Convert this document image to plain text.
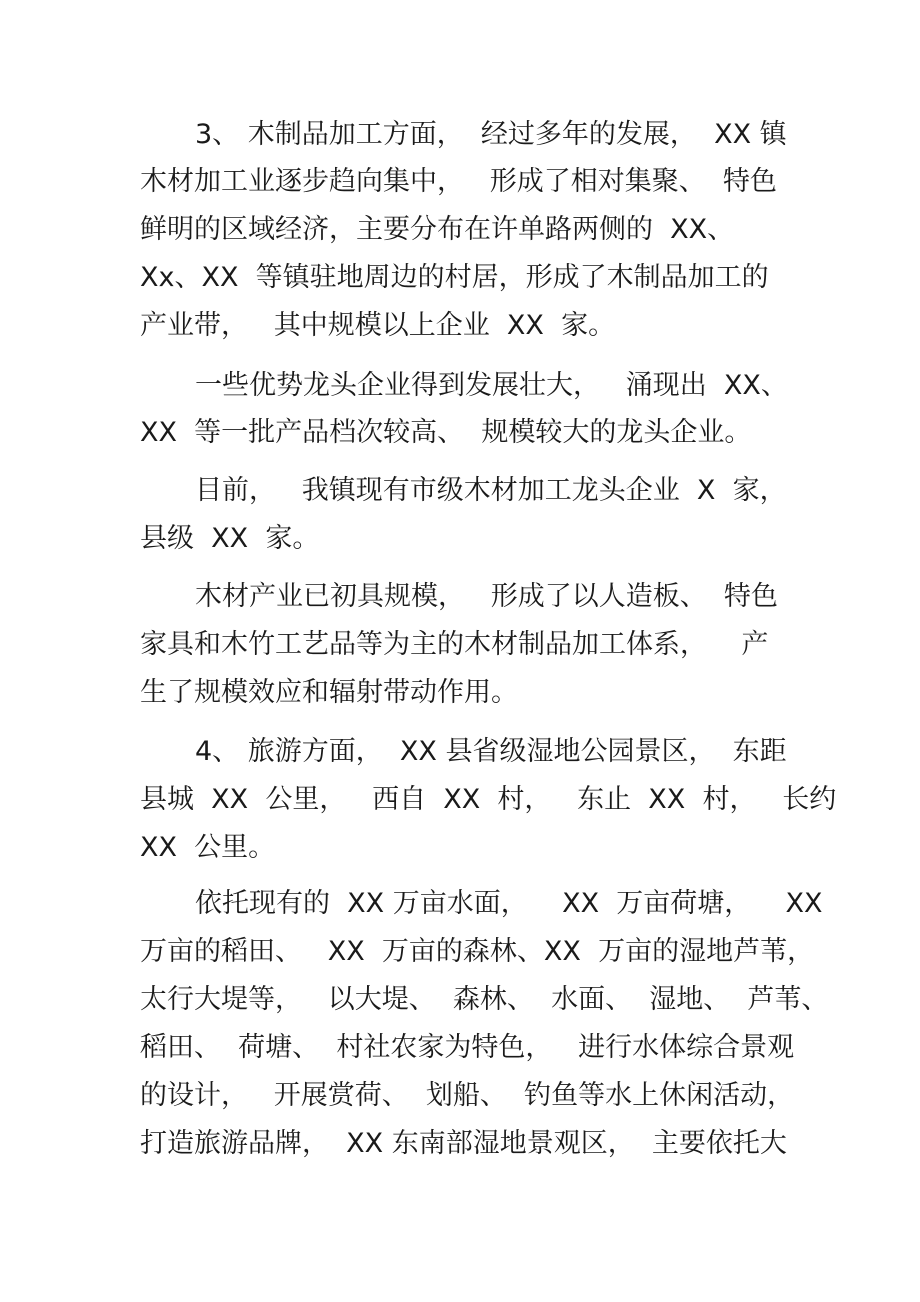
3、 木制品加工方面，  经过多年的发展，  XX 镇

木材加工业逐步趋向集中，   形成了相对集聚、  特色

鲜明的区域经济，主要分布在许单路两侧的  XX、

Xx、XX  等镇驻地周边的村居，形成了木制品加工的

产业带，   其中规模以上企业  XX  家。

一些优势龙头企业得到发展壮大，   涌现出  XX、

XX  等一批产品档次较高、  规模较大的龙头企业。

目前，   我镇现有市级木材加工龙头企业  X  家，

县级  XX  家。

木材产业已初具规模，   形成了以人造板、  特色

家具和木竹工艺品等为主的木材制品加工体系，    产

生了规模效应和辐射带动作用。

4、 旅游方面，  XX 县省级湿地公园景区，  东距

县城  XX  公里，   西自  XX  村，   东止  XX  村，   长约

XX  公里。

依托现有的  XX 万亩水面，    XX  万亩荷塘，    XX

万亩的稻田、   XX  万亩的森林、XX  万亩的湿地芦苇，

太行大堤等，   以大堤、  森林、  水面、  湿地、  芦苇、

稻田、  荷塘、  村社农家为特色，   进行水体综合景观

的设计，   开展赏荷、  划船、  钓鱼等水上休闲活动，

打造旅游品牌，  XX 东南部湿地景观区，  主要依托大
